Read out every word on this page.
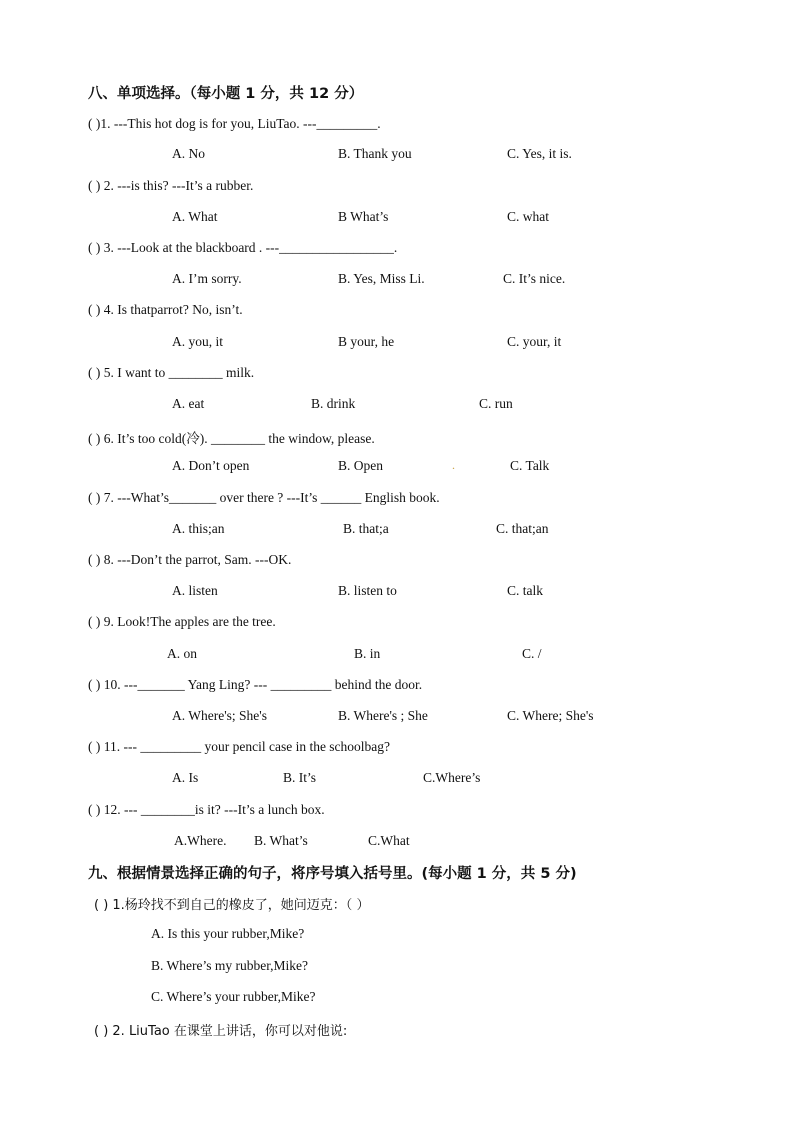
八、单项选择。（每小题 1 分，共 12 分）
( )1. ---This hot dog is for you, LiuTao. ---_________.
A. No	B. Thank you	C. Yes, it is.
( ) 2. ---is this? ---It’s a rubber.
A. What	B What’s	C. what
( ) 3. ---Look at the blackboard . ---_________________.
A. I’m sorry.	B. Yes, Miss Li.	C. It’s nice.
( ) 4. Is thatparrot? No, isn’t.
A. you, it	B your, he	C. your, it
( ) 5. I want to ________ milk.
A. eat	B. drink	C. run
( ) 6. It’s too cold(冷). ________ the window, please.
A. Don’t open	B. Open	.	C. Talk
( ) 7. ---What’s_______ over there ? ---It’s ______ English book.
A. this;an	B. that;a	C. that;an
( ) 8. ---Don’t the parrot, Sam. ---OK.
A. listen	B. listen to	C. talk
( ) 9. Look!The apples are the tree.
A. on	B. in	C. /
( ) 10. ---_______ Yang Ling? --- _________ behind the door.
A. Where's; She's	B. Where's ; She	C. Where; She's
( ) 11. --- _________ your pencil case in the schoolbag?
A. Is	B. It’s	C.Where’s
( ) 12. --- ________is it? ---It’s a lunch box.
A.Where. B. What’s	C.What
九、根据情景选择正确的句子，将序号填入括号里。(每小题 1 分，共 5 分)
( ) 1.杨玲找不到自己的橡皮了，她问迈克：（ ）
A. Is this your rubber,Mike?
B. Where’s my rubber,Mike?
C. Where’s your rubber,Mike?
( ) 2. LiuTao 在课堂上讲话，你可以对他说:
